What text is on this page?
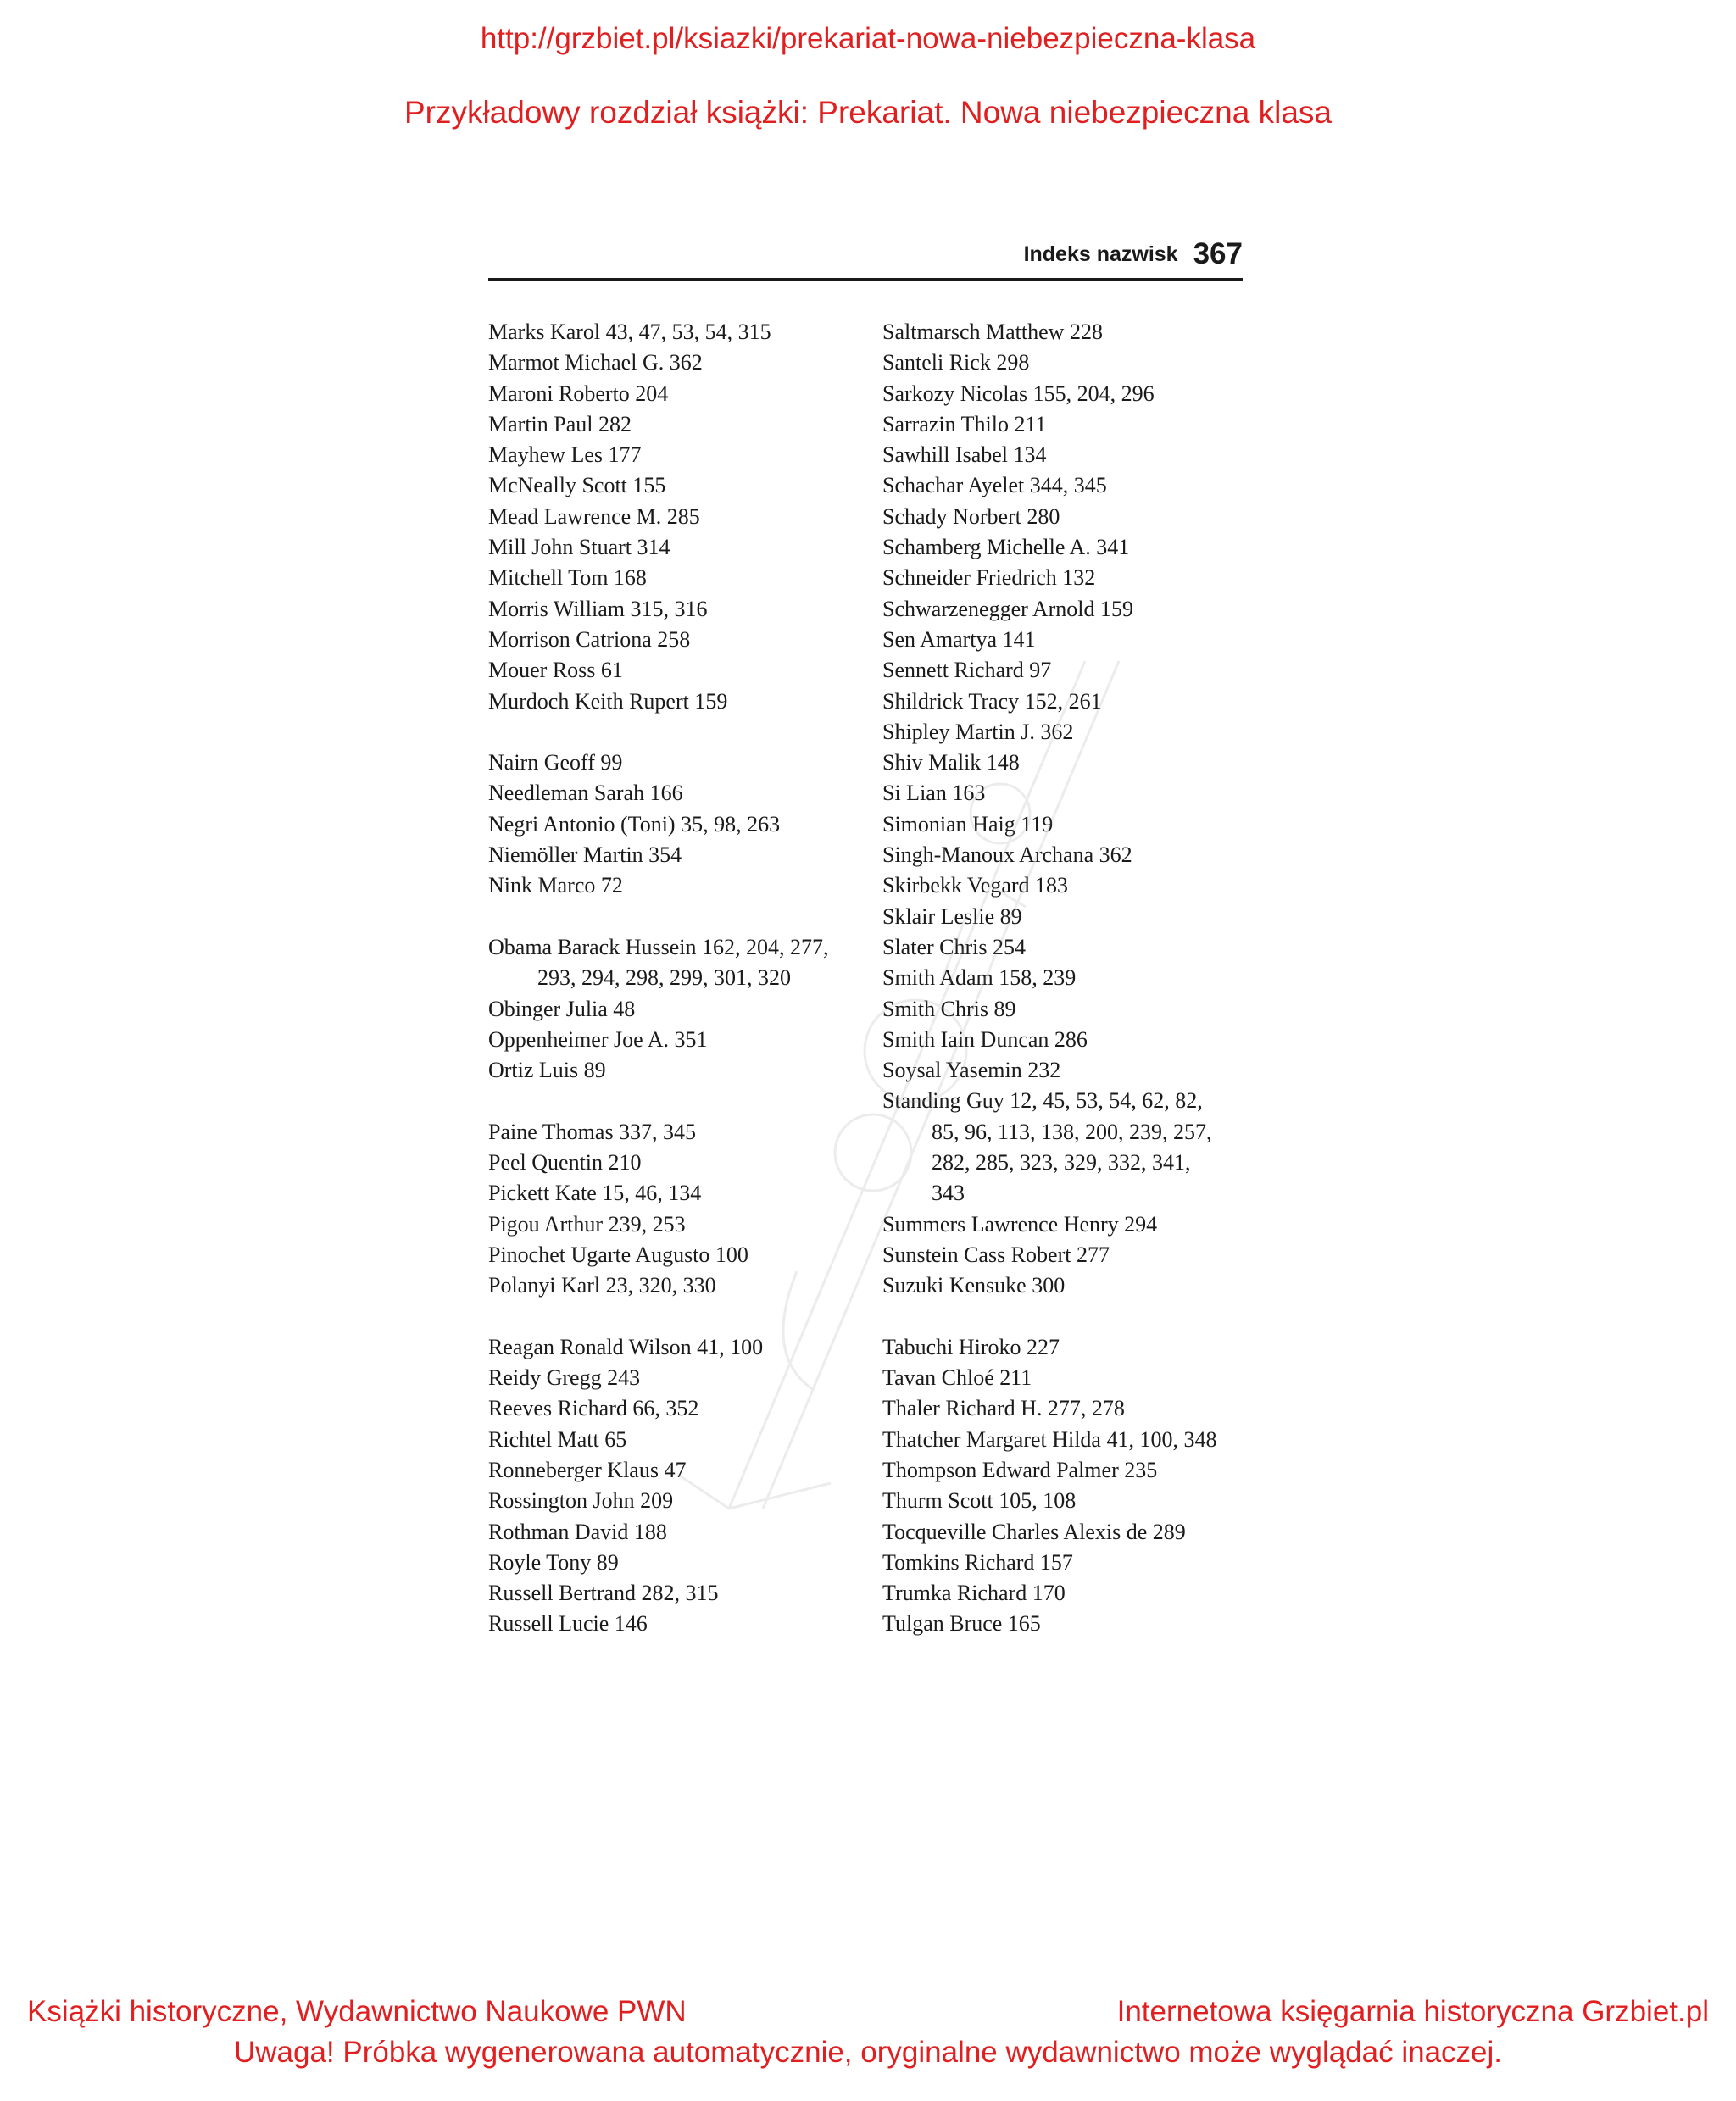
http://grzbiet.pl/ksiazki/prekariat-nowa-niebezpieczna-klasa
Przykładowy rozdział książki: Prekariat. Nowa niebezpieczna klasa
Indeks nazwisk 367
Marks Karol 43, 47, 53, 54, 315
Marmot Michael G. 362
Maroni Roberto 204
Martin Paul 282
Mayhew Les 177
McNeally Scott 155
Mead Lawrence M. 285
Mill John Stuart 314
Mitchell Tom 168
Morris William 315, 316
Morrison Catriona 258
Mouer Ross 61
Murdoch Keith Rupert 159
Nairn Geoff 99
Needleman Sarah 166
Negri Antonio (Toni) 35, 98, 263
Niemöller Martin 354
Nink Marco 72
Obama Barack Hussein 162, 204, 277,
293, 294, 298, 299, 301, 320
Obinger Julia 48
Oppenheimer Joe A. 351
Ortiz Luis 89
Paine Thomas 337, 345
Peel Quentin 210
Pickett Kate 15, 46, 134
Pigou Arthur 239, 253
Pinochet Ugarte Augusto 100
Polanyi Karl 23, 320, 330
Reagan Ronald Wilson 41, 100
Reidy Gregg 243
Reeves Richard 66, 352
Richtel Matt 65
Ronneberger Klaus 47
Rossington John 209
Rothman David 188
Royle Tony 89
Russell Bertrand 282, 315
Russell Lucie 146
Saltmarsch Matthew 228
Santeli Rick 298
Sarkozy Nicolas 155, 204, 296
Sarrazin Thilo 211
Sawhill Isabel 134
Schachar Ayelet 344, 345
Schady Norbert 280
Schamberg Michelle A. 341
Schneider Friedrich 132
Schwarzenegger Arnold 159
Sen Amartya 141
Sennett Richard 97
Shildrick Tracy 152, 261
Shipley Martin J. 362
Shiv Malik 148
Si Lian 163
Simonian Haig 119
Singh-Manoux Archana 362
Skirbekk Vegard 183
Sklair Leslie 89
Slater Chris 254
Smith Adam 158, 239
Smith Chris 89
Smith Iain Duncan 286
Soysal Yasemin 232
Standing Guy 12, 45, 53, 54, 62, 82,
85, 96, 113, 138, 200, 239, 257,
282, 285, 323, 329, 332, 341,
343
Summers Lawrence Henry 294
Sunstein Cass Robert 277
Suzuki Kensuke 300
Tabuchi Hiroko 227
Tavan Chloé 211
Thaler Richard H. 277, 278
Thatcher Margaret Hilda 41, 100, 348
Thompson Edward Palmer 235
Thurm Scott 105, 108
Tocqueville Charles Alexis de 289
Tomkins Richard 157
Trumka Richard 170
Tulgan Bruce 165
Książki historyczne, Wydawnictwo Naukowe PWN	Internetowa księgarnia historyczna Grzbiet.pl
Uwaga! Próbka wygenerowana automatycznie, oryginalne wydawnictwo może wyglądać inaczej.
